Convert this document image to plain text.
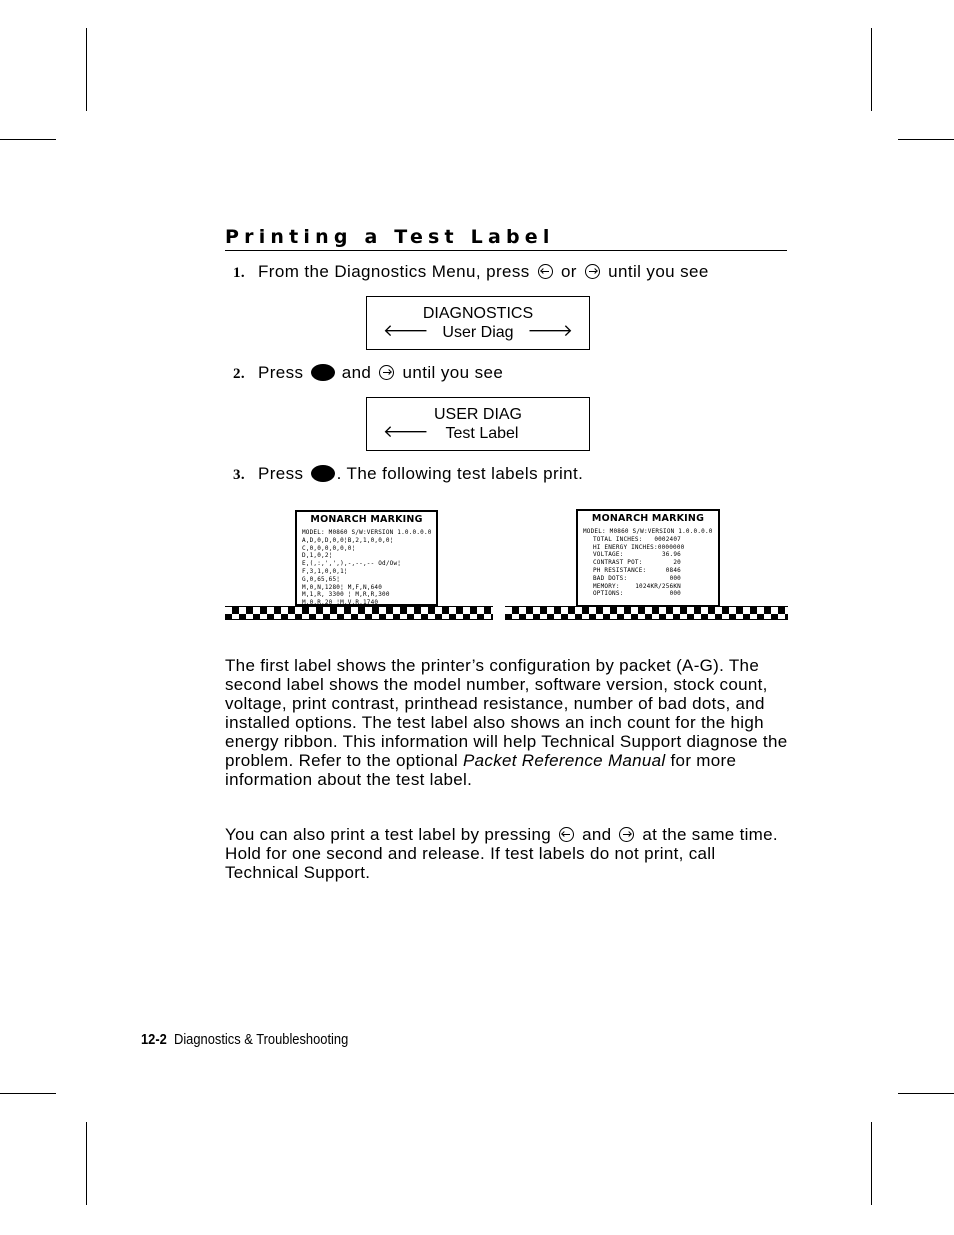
Printing a Test Label
1. From the Diagnostics Menu, press or until you see
DIAGNOSTICS
🡐 User Diag 🡒
2. Press and until you see
USER DIAG
🡐	Test Label
3. Press . The following test labels print.
MONARCH MARKING
MODEL: M0860 S/W:VERSION 1.0.0.0.0
A,D,0,D,0,0¦B,2,1,0,0,0¦
C,0,0,0,0,0,0¦
D,1,0,2¦
E,(,:,',',),-,--,-- Od/Ow¦
F,3,1,0,0,1¦
G,0,65,65¦
M,0,N,1280¦ M,F,N,640
M,1,R, 3300 ¦ M,R,R,300
M,0,R,20 ¦M,V,R,1740
MONARCH MARKING
MODEL: M0860 S/W:VERSION 1.0.0.0.0
TOTAL INCHES: 0002407
HI ENERGY INCHES: 0000000
VOLTAGE:	36.96
CONTRAST POT:	20
PH RESISTANCE:	0846
BAD DOTS:	000
MEMORY:	1024KR/256KN
OPTIONS:	000
The first label shows the printer’s configuration by packet (A-G). The second label shows the model number, software version, stock count, voltage, print contrast, printhead resistance, number of bad dots, and installed options. The test label also shows an inch count for the high energy ribbon. This information will help Technical Support diagnose the problem. Refer to the optional Packet Reference Manual for more information about the test label.
You can also print a test label by pressing and at the same time. Hold for one second and release. If test labels do not print, call Technical Support.
12-2 Diagnostics & Troubleshooting
